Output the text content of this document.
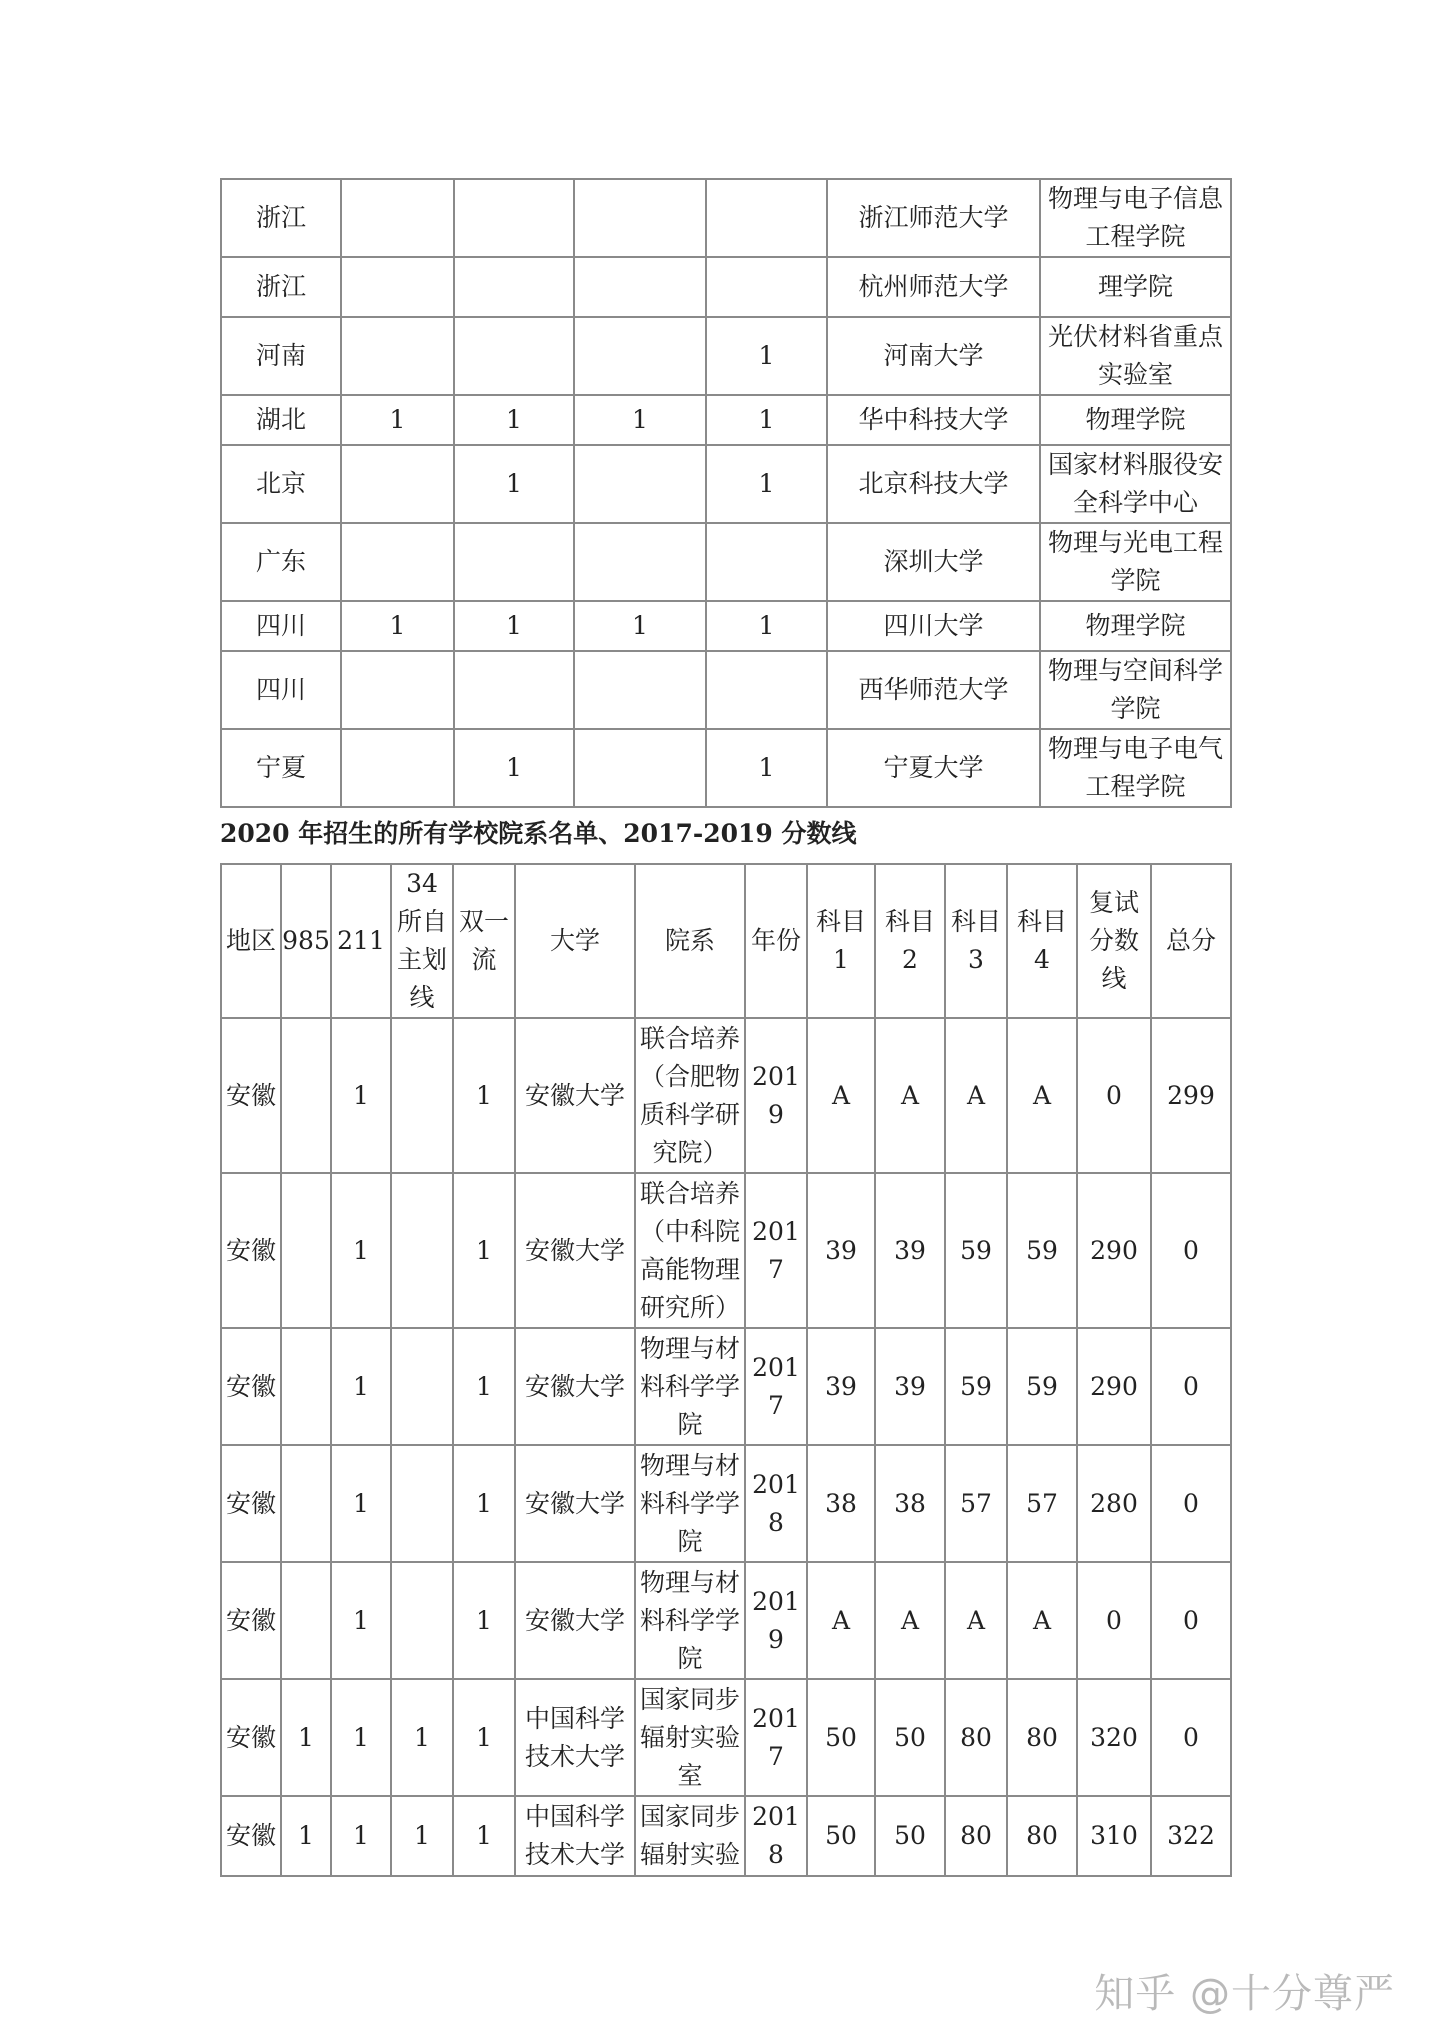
浙江					浙江师范大学	物理与电子信息工程学院
浙江					杭州师范大学	理学院
河南				1	河南大学	光伏材料省重点实验室
湖北	1	1	1	1	华中科技大学	物理学院
北京		1		1	北京科技大学	国家材料服役安全科学中心
广东					深圳大学	物理与光电工程学院
四川	1	1	1	1	四川大学	物理学院
四川					西华师范大学	物理与空间科学学院
宁夏		1		1	宁夏大学	物理与电子电气工程学院
2020 年招生的所有学校院系名单、2017-2019 分数线
地区	985	211	34 所自主划线	双一流	大学	院系	年份	科目1	科目2	科目3	科目4	复试分数线	总分
安徽		1		1	安徽大学	联合培养（合肥物质科学研究院）	2019	A	A	A	A	0	299
安徽		1		1	安徽大学	联合培养（中科院高能物理研究所）	2017	39	39	59	59	290	0
安徽		1		1	安徽大学	物理与材料科学学院	2017	39	39	59	59	290	0
安徽		1		1	安徽大学	物理与材料科学学院	2018	38	38	57	57	280	0
安徽		1		1	安徽大学	物理与材料科学学院	2019	A	A	A	A	0	0
安徽	1	1	1	1	中国科学技术大学	国家同步辐射实验室	2017	50	50	80	80	320	0
安徽	1	1	1	1	中国科学技术大学	国家同步辐射实验	2018	50	50	80	80	310	322
知乎 @十分尊严
